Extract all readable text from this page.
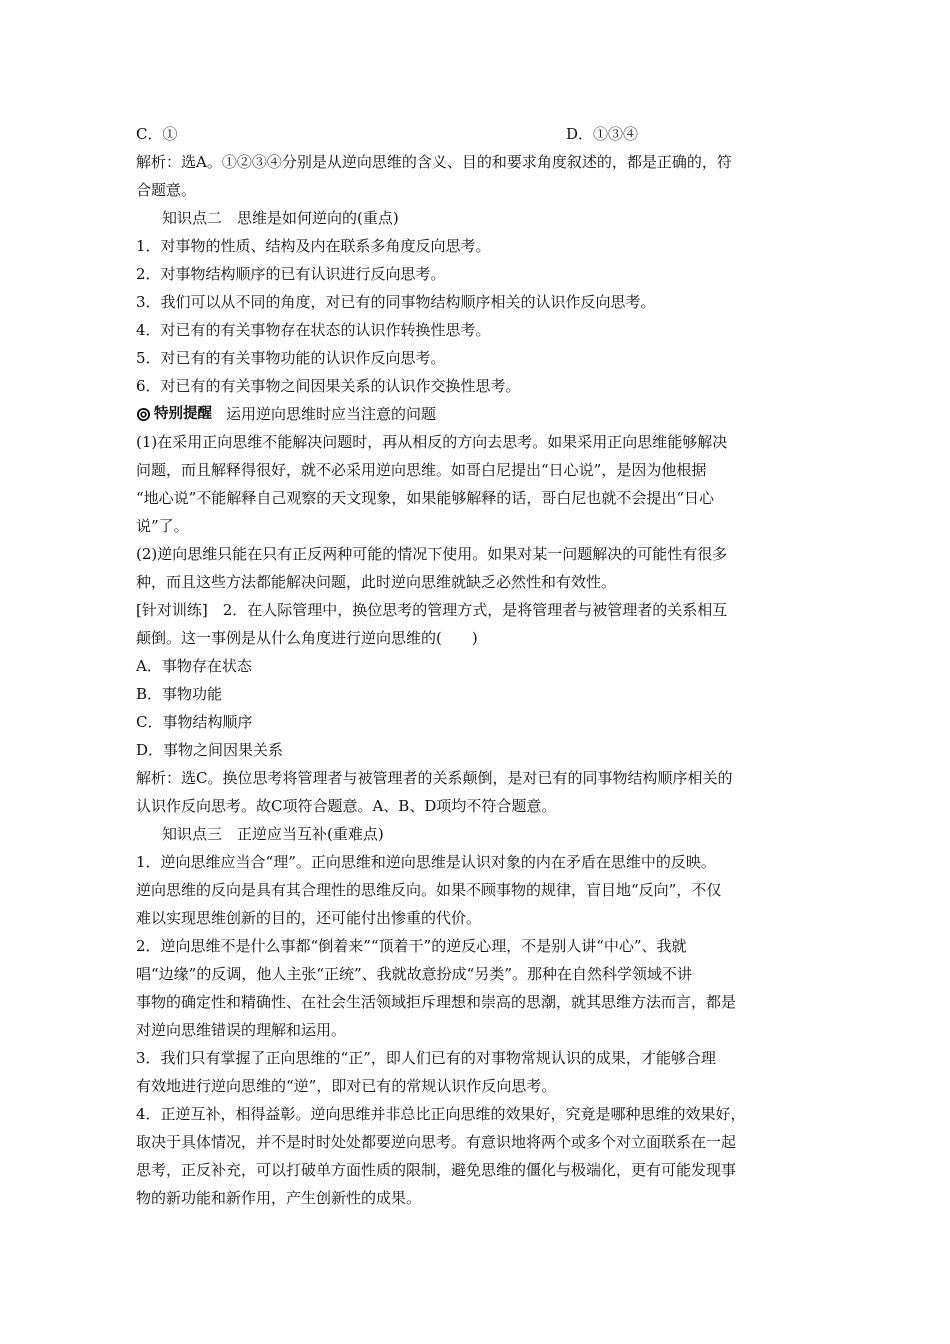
C．①	D．①③④
解析：选A。①②③④分别是从逆向思维的含义、目的和要求角度叙述的，都是正确的，符
合题意。
知识点二　思维是如何逆向的(重点)
1．对事物的性质、结构及内在联系多角度反向思考。
2．对事物结构顺序的已有认识进行反向思考。
3．我们可以从不同的角度，对已有的同事物结构顺序相关的认识作反向思考。
4．对已有的有关事物存在状态的认识作转换性思考。
5．对已有的有关事物功能的认识作反向思考。
6．对已有的有关事物之间因果关系的认识作交换性思考。
特别提醒 运用逆向思维时应当注意的问题
(1)在采用正向思维不能解决问题时，再从相反的方向去思考。如果采用正向思维能够解决
问题，而且解释得很好，就不必采用逆向思维。如哥白尼提出“日心说”，是因为他根据
“地心说”不能解释自己观察的天文现象，如果能够解释的话，哥白尼也就不会提出“日心
说”了。
(2)逆向思维只能在只有正反两种可能的情况下使用。如果对某一问题解决的可能性有很多
种，而且这些方法都能解决问题，此时逆向思维就缺乏必然性和有效性。
[针对训练]　2．在人际管理中，换位思考的管理方式，是将管理者与被管理者的关系相互
颠倒。这一事例是从什么角度进行逆向思维的(　　)
A．事物存在状态
B．事物功能
C．事物结构顺序
D．事物之间因果关系
解析：选C。换位思考将管理者与被管理者的关系颠倒，是对已有的同事物结构顺序相关的
认识作反向思考。故C项符合题意。A、B、D项均不符合题意。
知识点三　正逆应当互补(重难点)
1．逆向思维应当合“理”。正向思维和逆向思维是认识对象的内在矛盾在思维中的反映。
逆向思维的反向是具有其合理性的思维反向。如果不顾事物的规律，盲目地“反向”，不仅
难以实现思维创新的目的，还可能付出惨重的代价。
2．逆向思维不是什么事都“倒着来”“顶着干”的逆反心理，不是别人讲“中心”、我就
唱“边缘”的反调，他人主张“正统”、我就故意扮成“另类”。那种在自然科学领域不讲
事物的确定性和精确性、在社会生活领域拒斥理想和崇高的思潮，就其思维方法而言，都是
对逆向思维错误的理解和运用。
3．我们只有掌握了正向思维的“正”，即人们已有的对事物常规认识的成果，才能够合理
有效地进行逆向思维的“逆”，即对已有的常规认识作反向思考。
4．正逆互补，相得益彰。逆向思维并非总比正向思维的效果好，究竟是哪种思维的效果好，
取决于具体情况，并不是时时处处都要逆向思考。有意识地将两个或多个对立面联系在一起
思考，正反补充，可以打破单方面性质的限制，避免思维的僵化与极端化，更有可能发现事
物的新功能和新作用，产生创新性的成果。
